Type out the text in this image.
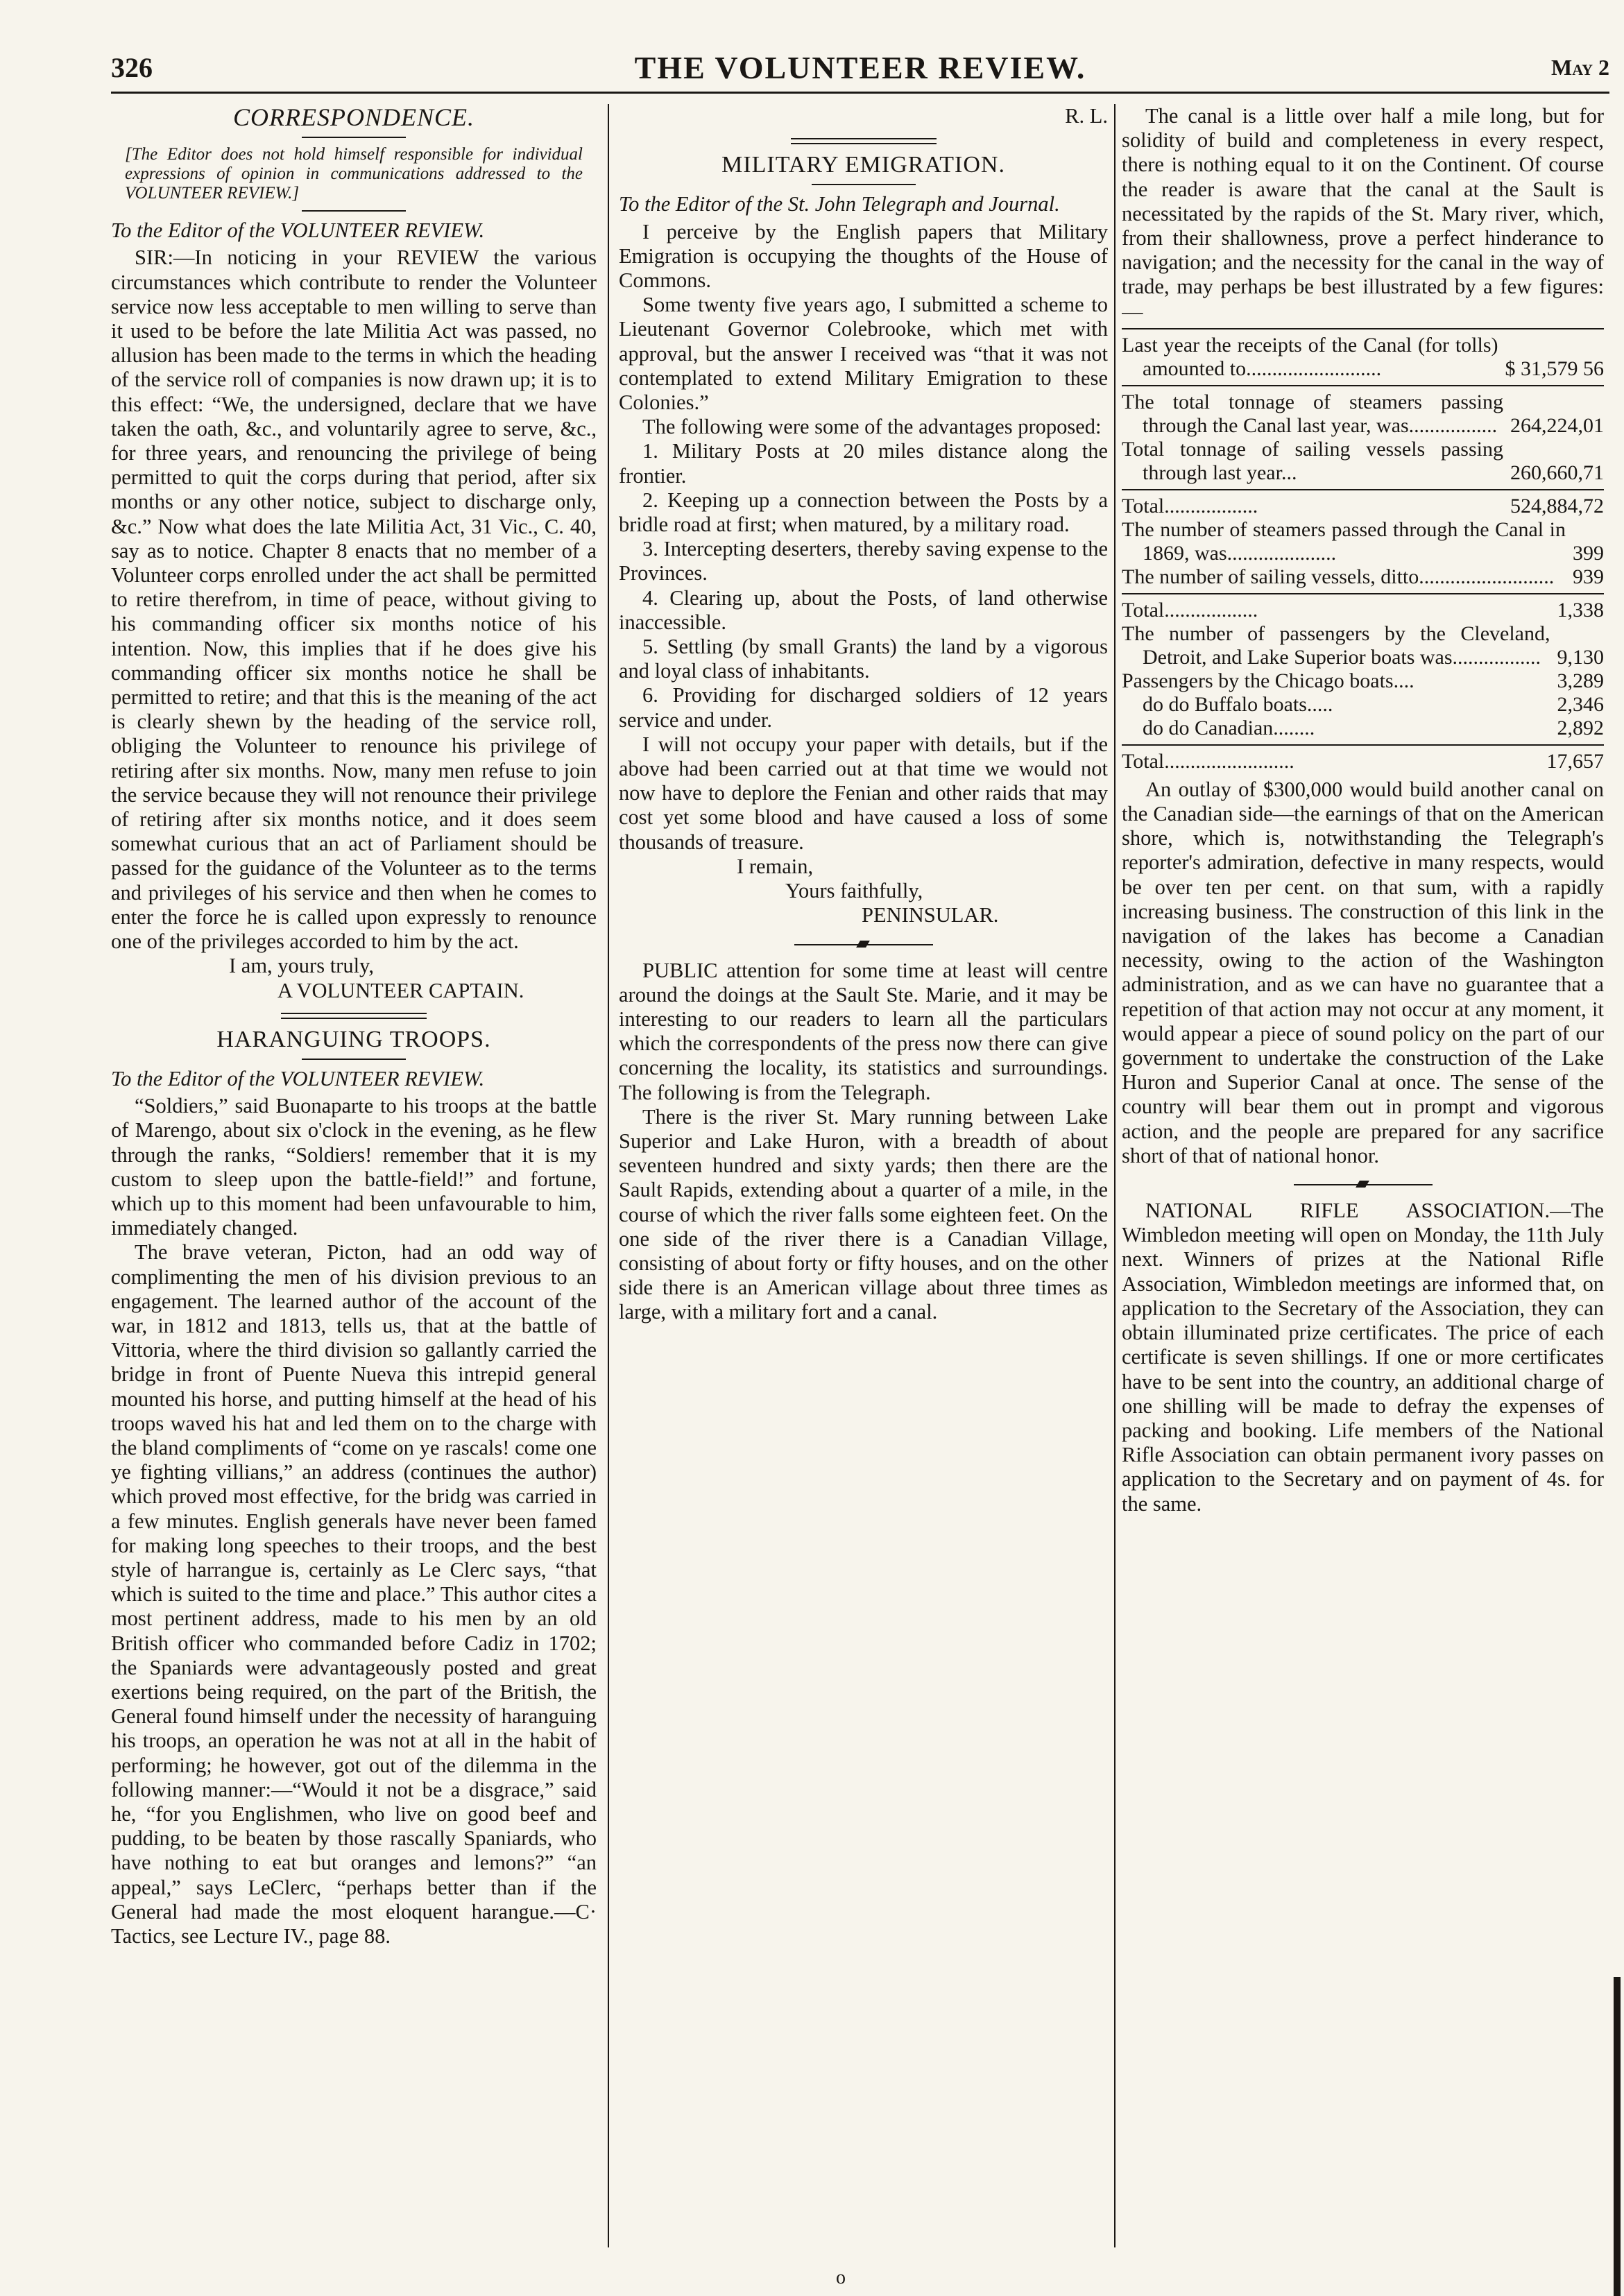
326	THE VOLUNTEER REVIEW.	May 2
CORRESPONDENCE.
[The Editor does not hold himself responsible for individual expressions of opinion in communications addressed to the VOLUNTEER REVIEW.]

To the Editor of the VOLUNTEER REVIEW.

SIR:—In noticing in your REVIEW the various circumstances which contribute to render the Volunteer service now less acceptable to men willing to serve than it used to be before the late Militia Act was passed, no allusion has been made to the terms in which the heading of the service roll of companies is now drawn up; it is to this effect: “We, the undersigned, declare that we have taken the oath, &c., and voluntarily agree to serve, &c., for three years, and renouncing the privilege of being permitted to quit the corps during that period, after six months or any other notice, subject to discharge only, &c.” Now what does the late Militia Act, 31 Vic., C. 40, say as to notice. Chapter 8 enacts that no member of a Volunteer corps enrolled under the act shall be permitted to retire therefrom, in time of peace, without giving to his commanding officer six months notice of his intention. Now, this implies that if he does give his commanding officer six months notice he shall be permitted to retire; and that this is the meaning of the act is clearly shewn by the heading of the service roll, obliging the Volunteer to renounce his privilege of retiring after six months. Now, many men refuse to join the service because they will not renounce their privilege of retiring after six months notice, and it does seem somewhat curious that an act of Parliament should be passed for the guidance of the Volunteer as to the terms and privileges of his service and then when he comes to enter the force he is called upon expressly to renounce one of the privileges accorded to him by the act.

I am, yours truly,

A VOLUNTEER CAPTAIN.

HARANGUING TROOPS.

To the Editor of the VOLUNTEER REVIEW.

“Soldiers,” said Buonaparte to his troops at the battle of Marengo, about six o'clock in the evening, as he flew through the ranks, “Soldiers! remember that it is my custom to sleep upon the battle-field!” and fortune, which up to this moment had been unfavourable to him, immediately changed.

The brave veteran, Picton, had an odd way of complimenting the men of his division previous to an engagement. The learned author of the account of the war, in 1812 and 1813, tells us, that at the battle of Vittoria, where the third division so gallantly carried the bridge in front of Puente Nueva this intrepid general mounted his horse, and putting himself at the head of his troops waved his hat and led them on to the charge with the bland compliments of “come on ye rascals! come one ye fighting villians,” an address (continues the author) which proved most effective, for the bridg was carried in a few minutes. English generals have never been famed for making long speeches to their troops, and the best style of harrangue is, certainly as Le Clerc says, “that which is suited to the time and place.” This author cites a most pertinent address, made to his men by an old British officer who commanded before Cadiz in 1702; the Spaniards were advantageously posted and great exertions being required, on the part of the British, the General found himself under the necessity of haranguing his troops, an operation he was not at all in the habit of performing; he however, got out of the dilemma in the following manner:—“Would it not be a disgrace,” said he, “for you Englishmen, who live on good beef and pudding, to be beaten by those rascally Spaniards, who have nothing to eat but oranges and lemons?” “an appeal,” says LeClerc, “perhaps better than if the General had made the most eloquent harangue.—C· Tactics, see Lecture IV., page 88.

R. L.

MILITARY EMIGRATION.

To the Editor of the St. John Telegraph and Journal.

I perceive by the English papers that Military Emigration is occupying the thoughts of the House of Commons.

Some twenty five years ago, I submitted a scheme to Lieutenant Governor Colebrooke, which met with approval, but the answer I received was “that it was not contemplated to extend Military Emigration to these Colonies.”

The following were some of the advantages proposed:

1. Military Posts at 20 miles distance along the frontier.

2. Keeping up a connection between the Posts by a bridle road at first; when matured, by a military road.

3. Intercepting deserters, thereby saving expense to the Provinces.

4. Clearing up, about the Posts, of land otherwise inaccessible.

5. Settling (by small Grants) the land by a vigorous and loyal class of inhabitants.

6. Providing for discharged soldiers of 12 years service and under.

I will not occupy your paper with details, but if the above had been carried out at that time we would not now have to deplore the Fenian and other raids that may cost yet some blood and have caused a loss of some thousands of treasure.

I remain,

Yours faithfully,

PENINSULAR.

PUBLIC attention for some time at least will centre around the doings at the Sault Ste. Marie, and it may be interesting to our readers to learn all the particulars which the correspondents of the press now there can give concerning the locality, its statistics and surroundings. The following is from the Telegraph.

There is the river St. Mary running between Lake Superior and Lake Huron, with a breadth of about seventeen hundred and sixty yards; then there are the Sault Rapids, extending about a quarter of a mile, in the course of which the river falls some eighteen feet. On the one side of the river there is a Canadian Village, consisting of about forty or fifty houses, and on the other side there is an American village about three times as large, with a military fort and a canal.

The canal is a little over half a mile long, but for solidity of build and completeness in every respect, there is nothing equal to it on the Continent. Of course the reader is aware that the canal at the Sault is necessitated by the rapids of the St. Mary river, which, from their shallowness, prove a perfect hinderance to navigation; and the necessity for the canal in the way of trade, may perhaps be best illustrated by a few figures:—

Last year the receipts of the Canal (for tolls) amounted to..........................	$ 31,579 56
The total tonnage of steamers passing through the Canal last year, was................. 264,224,01
Total tonnage of sailing vessels passing through last year...	260,660,71
Total..................	524,884,72
The number of steamers passed through the Canal in 1869, was.....................	399
The number of sailing vessels, ditto.......................... 939
Total..................	1,338
The number of passengers by the Cleveland, Detroit, and Lake Superior boats was................. 9,130
Passengers by the Chicago boats....	3,289
do do Buffalo boats.....	2,346
do do Canadian........	2,892
Total.........................	17,657

An outlay of $300,000 would build another canal on the Canadian side—the earnings of that on the American shore, which is, notwithstanding the Telegraph's reporter's admiration, defective in many respects, would be over ten per cent. on that sum, with a rapidly increasing business. The construction of this link in the navigation of the lakes has become a Canadian necessity, owing to the action of the Washington administration, and as we can have no guarantee that a repetition of that action may not occur at any moment, it would appear a piece of sound policy on the part of our government to undertake the construction of the Lake Huron and Superior Canal at once. The sense of the country will bear them out in prompt and vigorous action, and the people are prepared for any sacrifice short of that of national honor.

NATIONAL RIFLE ASSOCIATION.—The Wimbledon meeting will open on Monday, the 11th July next. Winners of prizes at the National Rifle Association, Wimbledon meetings are informed that, on application to the Secretary of the Association, they can obtain illuminated prize certificates. The price of each certificate is seven shillings. If one or more certificates have to be sent into the country, an additional charge of one shilling will be made to defray the expenses of packing and booking. Life members of the National Rifle Association can obtain permanent ivory passes on application to the Secretary and on payment of 4s. for the same.

o
